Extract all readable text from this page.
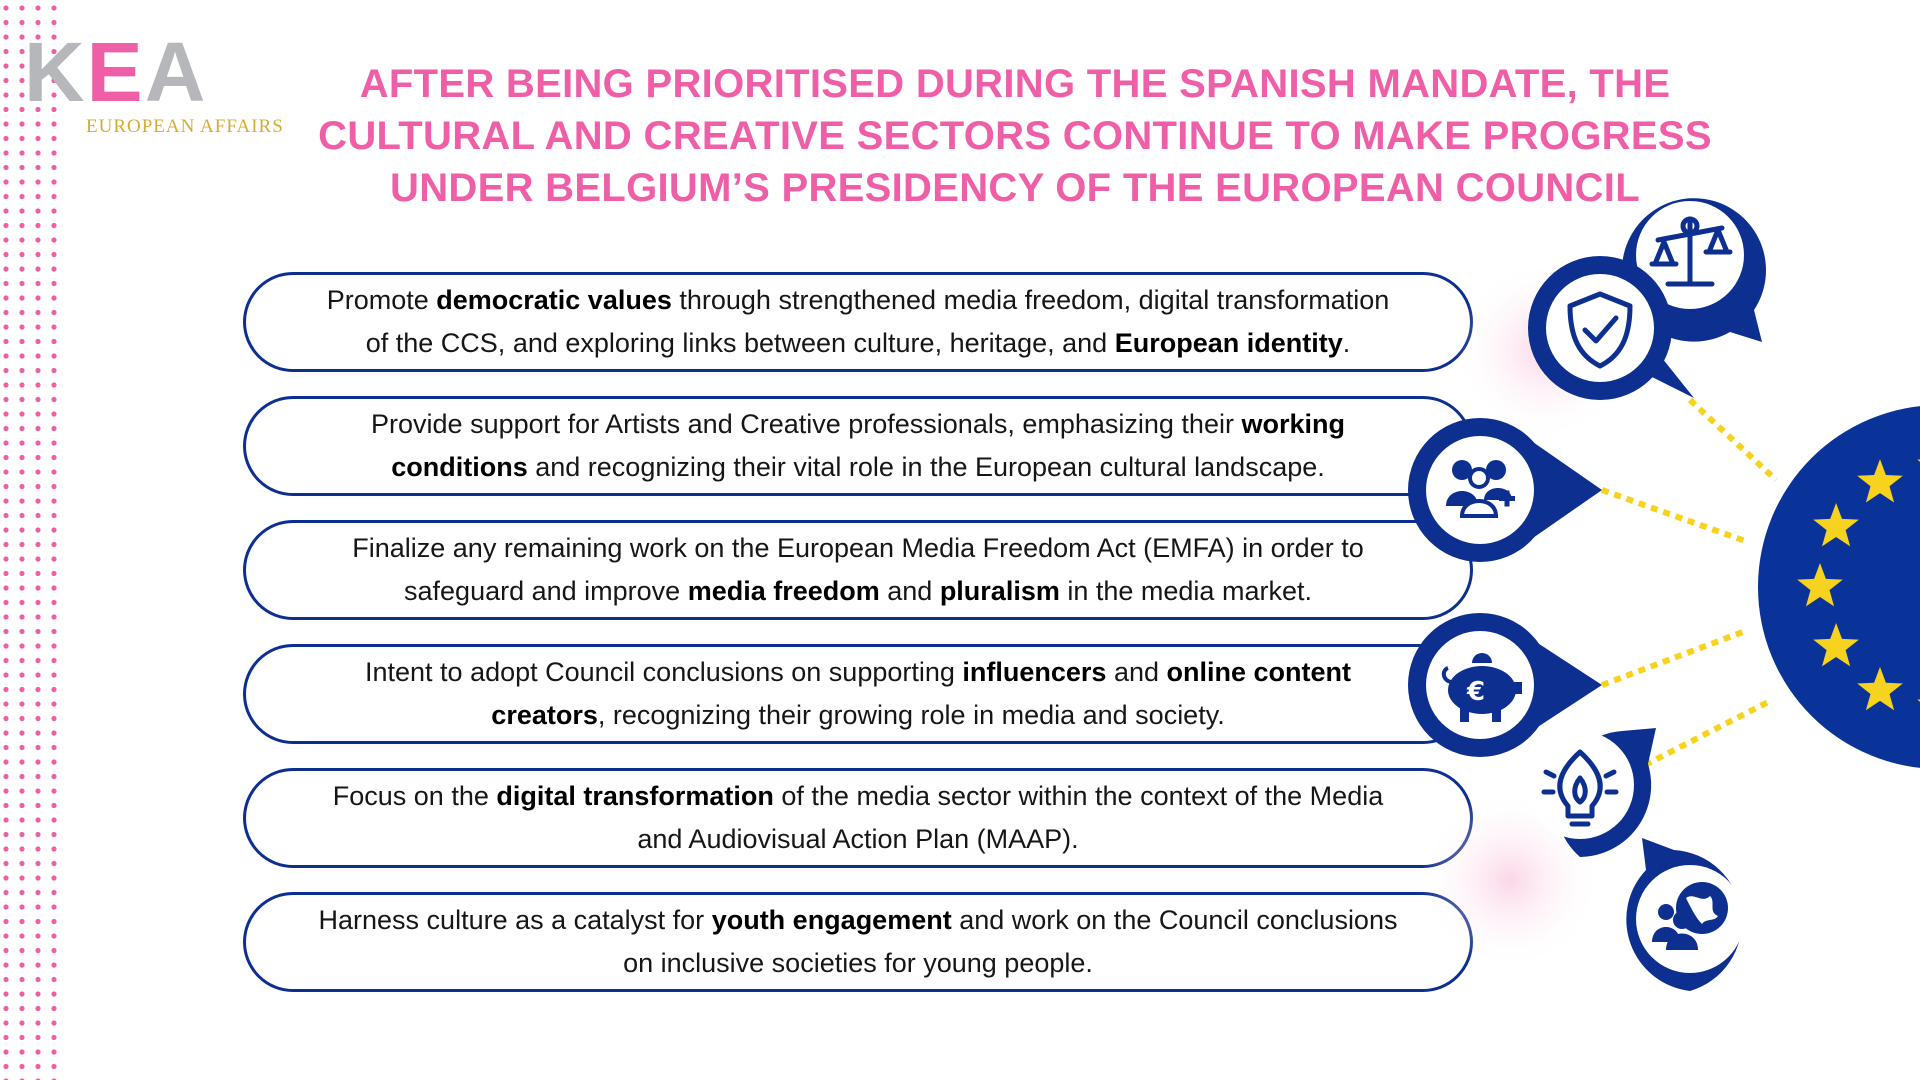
KEA
EUROPEAN AFFAIRS
AFTER BEING PRIORITISED DURING THE SPANISH MANDATE, THE
CULTURAL AND CREATIVE SECTORS CONTINUE TO MAKE PROGRESS
UNDER BELGIUM’S PRESIDENCY OF THE EUROPEAN COUNCIL

Promote democratic values through strengthened media freedom, digital transformation of the CCS, and exploring links between culture, heritage, and European identity.

Provide support for Artists and Creative professionals, emphasizing their working conditions and recognizing their vital role in the European cultural landscape.

Finalize any remaining work on the European Media Freedom Act (EMFA) in order to safeguard and improve media freedom and pluralism in the media market.

Intent to adopt Council conclusions on supporting influencers and online content creators, recognizing their growing role in media and society.

Focus on the digital transformation of the media sector within the context of the Media and Audiovisual Action Plan (MAAP).

Harness culture as a catalyst for youth engagement and work on the Council conclusions on inclusive societies for young people.

€
